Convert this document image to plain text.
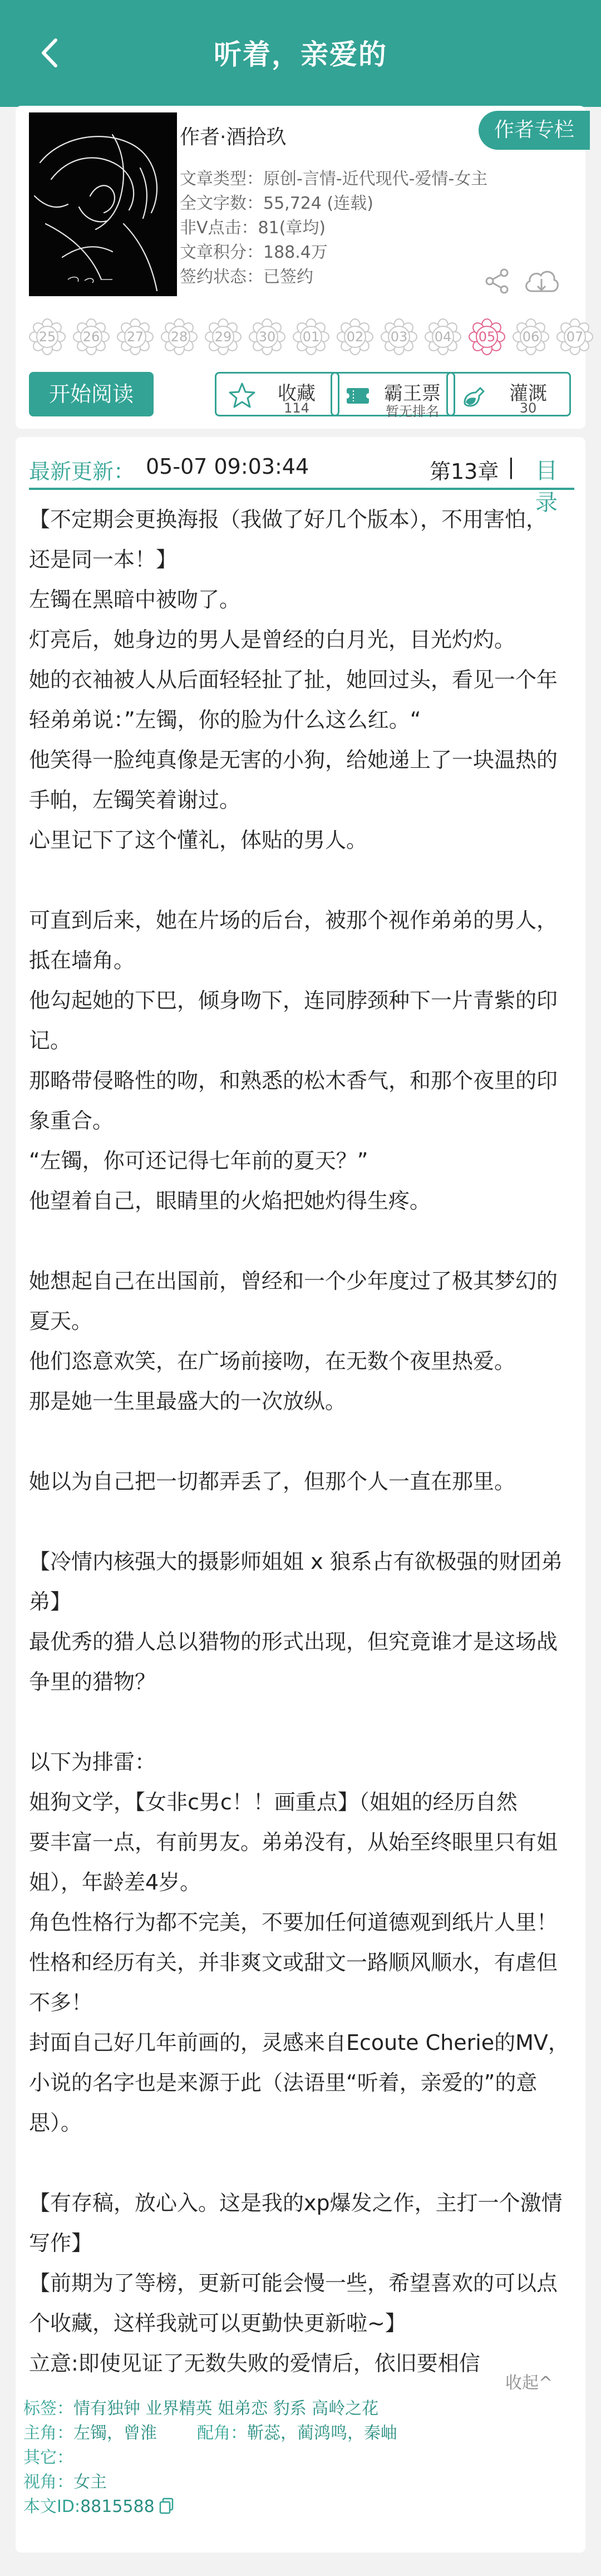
听着，亲爱的
作者·酒拾玖	作者专栏
文章类型：原创-言情-近代现代-爱情-女主
全文字数：55,724 (连载)
非V点击：81(章均)
文章积分：188.4万
签约状态：已签约
25	26	27	28	29	30	01	02	03	04	05	06	07
开始阅读	收藏
114
霸王票
暂无排名
灌溉
30
最新更新： 05-07 09:03:44	第13章 | 目录

【不定期会更换海报（我做了好几个版本），不用害怕，

还是同一本！】

左镯在黑暗中被吻了。

灯亮后，她身边的男人是曾经的白月光，目光灼灼。

她的衣袖被人从后面轻轻扯了扯，她回过头，看见一个年

轻弟弟说：”左镯，你的脸为什么这么红。“

他笑得一脸纯真像是无害的小狗，给她递上了一块温热的

手帕，左镯笑着谢过。

心里记下了这个懂礼，体贴的男人。

可直到后来，她在片场的后台，被那个视作弟弟的男人，

抵在墙角。

他勾起她的下巴，倾身吻下，连同脖颈种下一片青紫的印

记。

那略带侵略性的吻，和熟悉的松木香气，和那个夜里的印

象重合。

“左镯，你可还记得七年前的夏天？”

他望着自己，眼睛里的火焰把她灼得生疼。

她想起自己在出国前，曾经和一个少年度过了极其梦幻的

夏天。

他们恣意欢笑，在广场前接吻，在无数个夜里热爱。

那是她一生里最盛大的一次放纵。

她以为自己把一切都弄丢了，但那个人一直在那里。

【冷情内核强大的摄影师姐姐 x 狼系占有欲极强的财团弟

弟】

最优秀的猎人总以猎物的形式出现，但究竟谁才是这场战

争里的猎物？

以下为排雷：

姐狗文学，【女非c男c！！画重点】（姐姐的经历自然

要丰富一点，有前男友。弟弟没有，从始至终眼里只有姐

姐），年龄差4岁。

角色性格行为都不完美，不要加任何道德观到纸片人里！

性格和经历有关，并非爽文或甜文一路顺风顺水，有虐但

不多！

封面自己好几年前画的，灵感来自Ecoute Cherie的MV，

小说的名字也是来源于此（法语里“听着，亲爱的”的意

思）。

【有存稿，放心入。这是我的xp爆发之作，主打一个激情

写作】

【前期为了等榜，更新可能会慢一些，希望喜欢的可以点

个收藏，这样我就可以更勤快更新啦~】

立意:即使见证了无数失败的爱情后，依旧要相信

收起^
标签：情有独钟 业界精英 姐弟恋 豹系 高岭之花
主角：左镯，曾淮 配角：靳蕊，蔺鸿鸣，秦岫
其它：
视角：女主
本文ID:8815588
